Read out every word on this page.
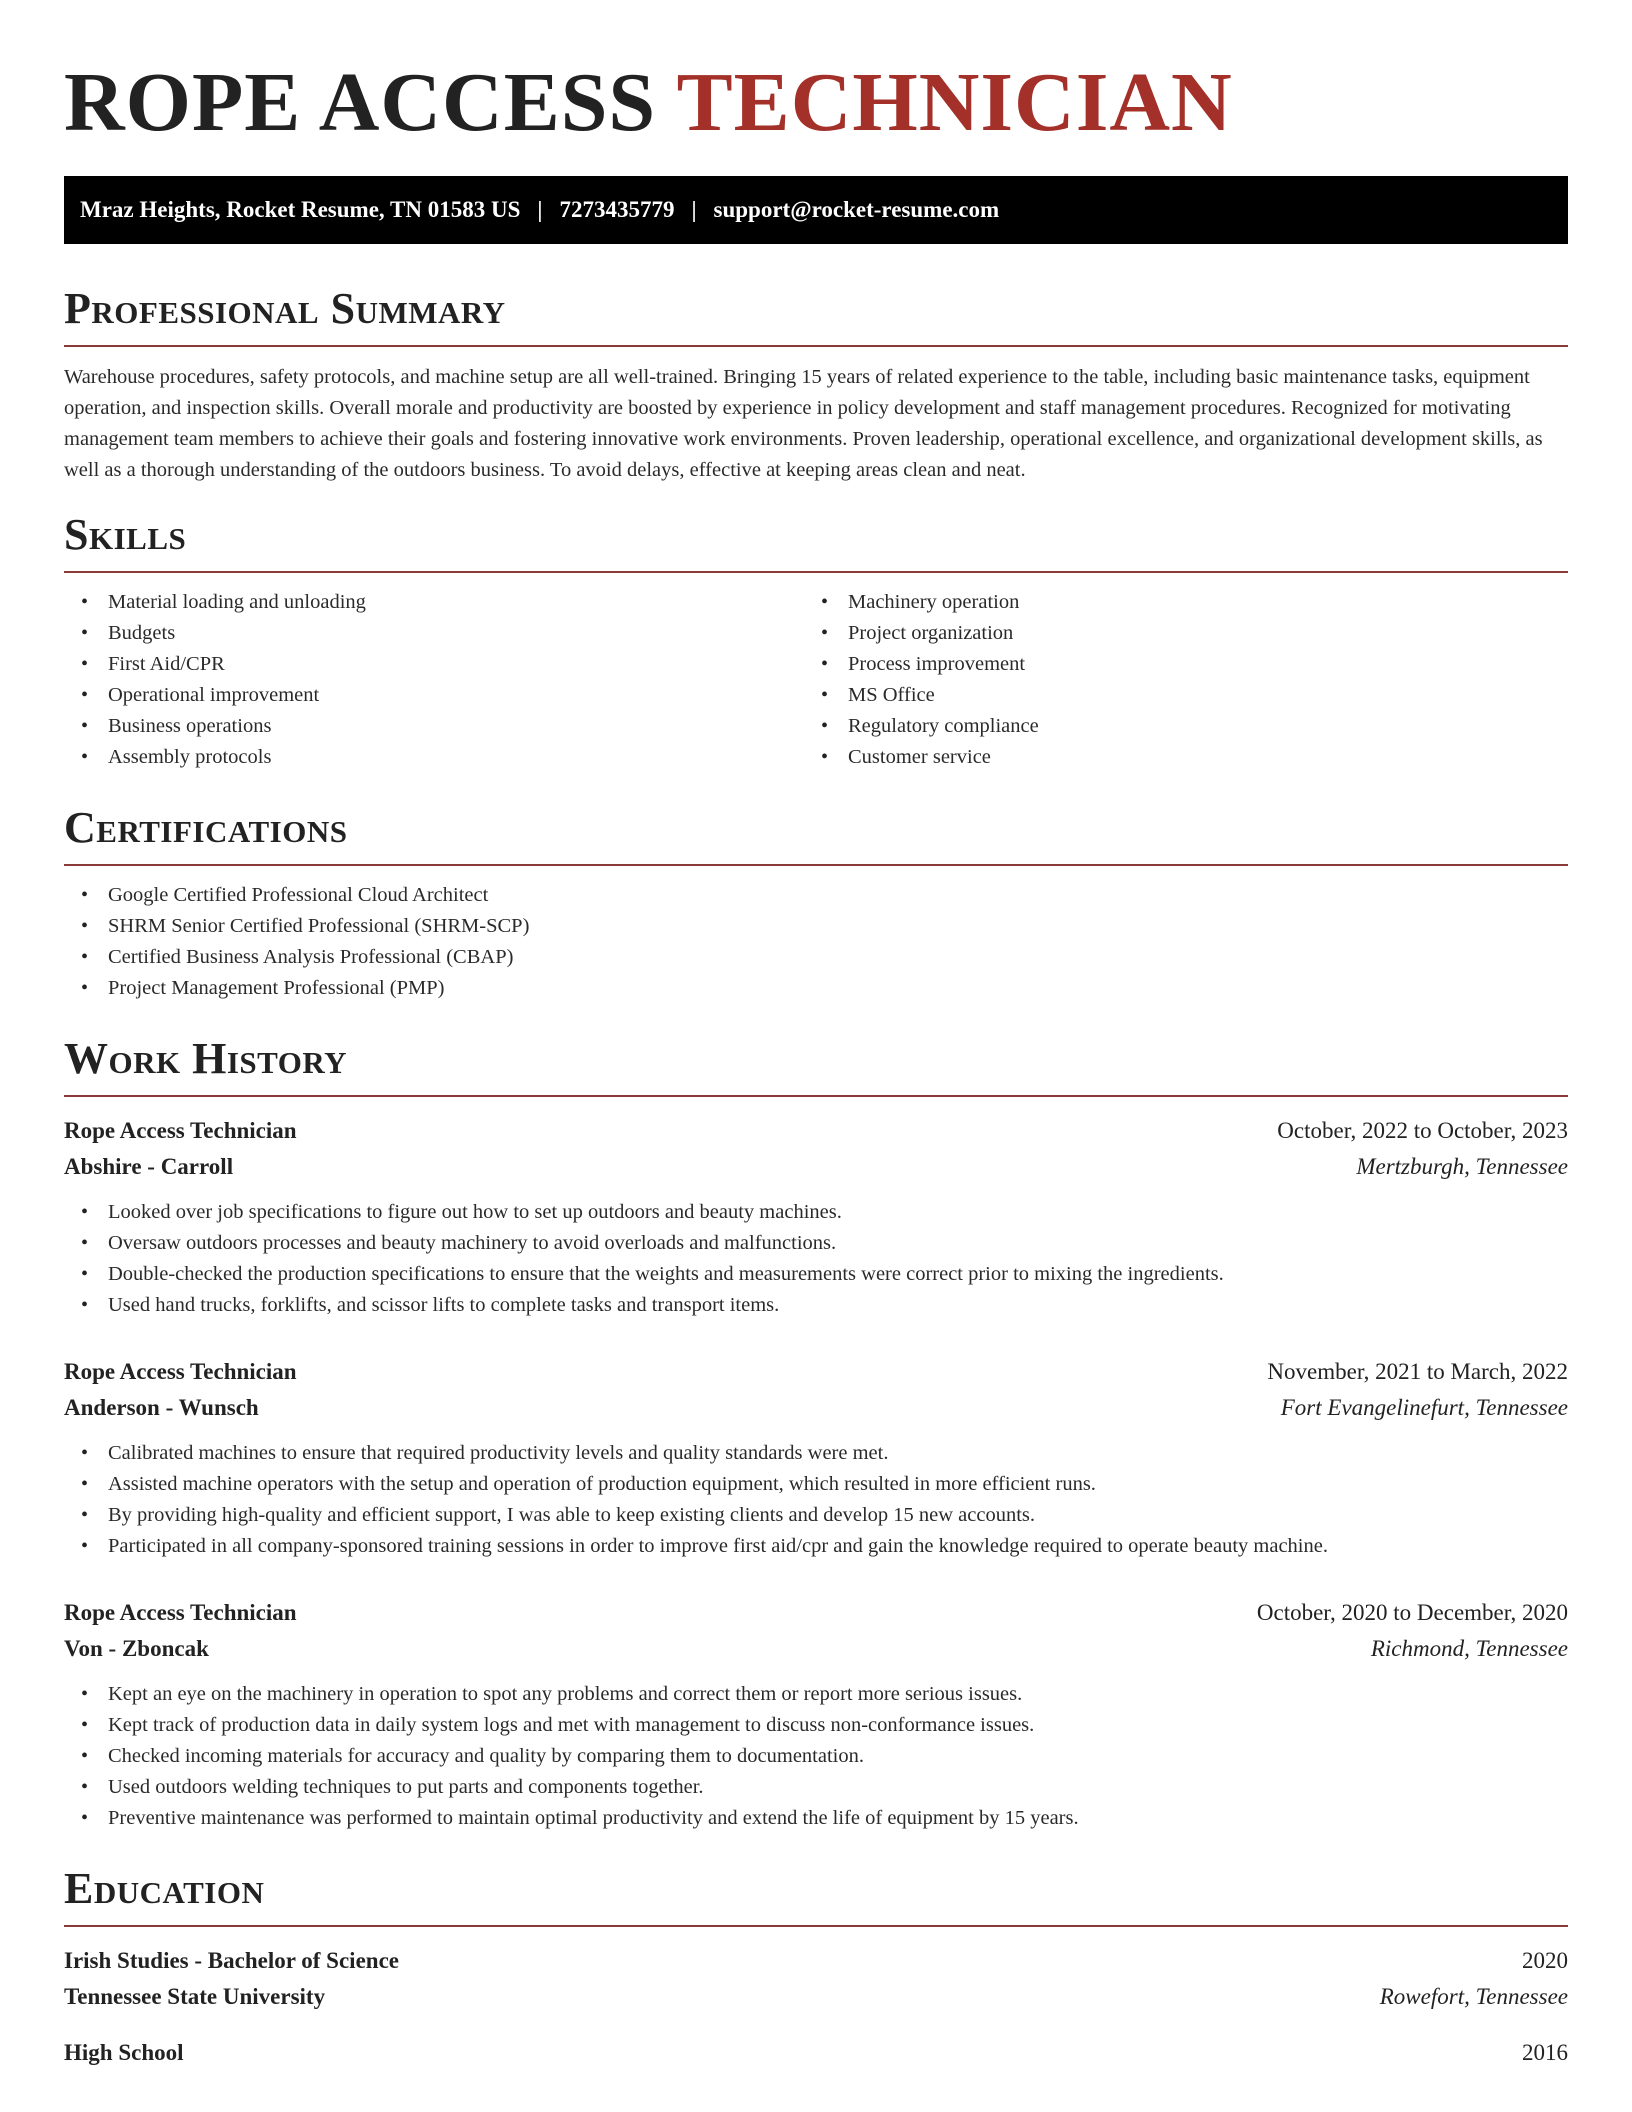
ROPE ACCESS TECHNICIAN
Mraz Heights, Rocket Resume, TN 01583 US | 7273435779 | support@rocket-resume.com
Professional Summary

Warehouse procedures, safety protocols, and machine setup are all well-trained. Bringing 15 years of related experience to the table, including basic maintenance tasks, equipment operation, and inspection skills. Overall morale and productivity are boosted by experience in policy development and staff management procedures. Recognized for motivating management team members to achieve their goals and fostering innovative work environments. Proven leadership, operational excellence, and organizational development skills, as well as a thorough understanding of the outdoors business. To avoid delays, effective at keeping areas clean and neat.

Skills
• Material loading and unloading
• Budgets
• First Aid/CPR
• Operational improvement
• Business operations
• Assembly protocols
• Machinery operation
• Project organization
• Process improvement
• MS Office
• Regulatory compliance
• Customer service
Certifications
• Google Certified Professional Cloud Architect
• SHRM Senior Certified Professional (SHRM-SCP)
• Certified Business Analysis Professional (CBAP)
• Project Management Professional (PMP)
Work History
Rope Access Technician	October, 2022 to October, 2023
Abshire - Carroll	Mertzburgh, Tennessee
• Looked over job specifications to figure out how to set up outdoors and beauty machines.
• Oversaw outdoors processes and beauty machinery to avoid overloads and malfunctions.
• Double-checked the production specifications to ensure that the weights and measurements were correct prior to mixing the ingredients.
• Used hand trucks, forklifts, and scissor lifts to complete tasks and transport items.
Rope Access Technician	November, 2021 to March, 2022
Anderson - Wunsch	Fort Evangelinefurt, Tennessee
• Calibrated machines to ensure that required productivity levels and quality standards were met.
• Assisted machine operators with the setup and operation of production equipment, which resulted in more efficient runs.
• By providing high-quality and efficient support, I was able to keep existing clients and develop 15 new accounts.
• Participated in all company-sponsored training sessions in order to improve first aid/cpr and gain the knowledge required to operate beauty machine.
Rope Access Technician	October, 2020 to December, 2020
Von - Zboncak	Richmond, Tennessee
• Kept an eye on the machinery in operation to spot any problems and correct them or report more serious issues.
• Kept track of production data in daily system logs and met with management to discuss non-conformance issues.
• Checked incoming materials for accuracy and quality by comparing them to documentation.
• Used outdoors welding techniques to put parts and components together.
• Preventive maintenance was performed to maintain optimal productivity and extend the life of equipment by 15 years.
Education
Irish Studies - Bachelor of Science	2020
Tennessee State University	Rowefort, Tennessee
High School	2016
